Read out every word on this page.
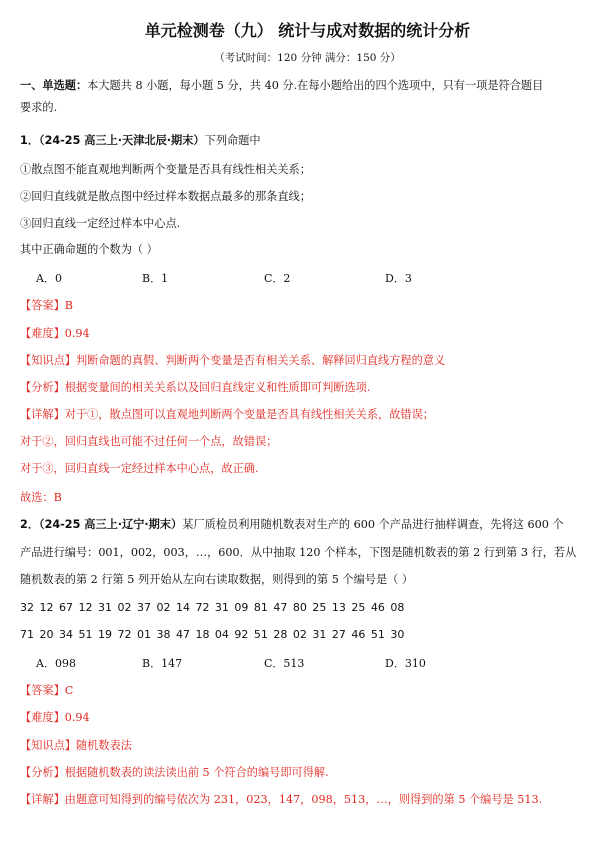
单元检测卷（九） 统计与成对数据的统计分析
（考试时间：120 分钟 满分：150 分）
一、单选题：本大题共 8 小题，每小题 5 分，共 40 分.在每小题给出的四个选项中，只有一项是符合题目
要求的.
1．（24-25 高三上·天津北辰·期末）下列命题中
①散点图不能直观地判断两个变量是否具有线性相关关系；
②回归直线就是散点图中经过样本数据点最多的那条直线；
③回归直线一定经过样本中心点.
其中正确命题的个数为（ ）
A．0	B．1	C．2	D．3
【答案】B
【难度】0.94
【知识点】判断命题的真假、判断两个变量是否有相关关系、解释回归直线方程的意义
【分析】根据变量间的相关关系以及回归直线定义和性质即可判断选项.
【详解】对于①，散点图可以直观地判断两个变量是否具有线性相关关系，故错误；
对于②，回归直线也可能不过任何一个点，故错误；
对于③，回归直线一定经过样本中心点，故正确.
故选：B
2．（24-25 高三上·辽宁·期末）某厂质检员利用随机数表对生产的 600 个产品进行抽样调查，先将这 600 个
产品进行编号：001，002，003，…，600．从中抽取 120 个样本，下图是随机数表的第 2 行到第 3 行，若从
随机数表的第 2 行第 5 列开始从左向右读取数据，则得到的第 5 个编号是（ ）
32 12 67 12 31 02 37 02 14 72 31 09 81 47 80 25 13 25 46 08
71 20 34 51 19 72 01 38 47 18 04 92 51 28 02 31 27 46 51 30
A．098	B．147	C．513	D．310
【答案】C
【难度】0.94
【知识点】随机数表法
【分析】根据随机数表的读法读出前 5 个符合的编号即可得解.
【详解】由题意可知得到的编号依次为 231，023，147，098，513，…，则得到的第 5 个编号是 513.
